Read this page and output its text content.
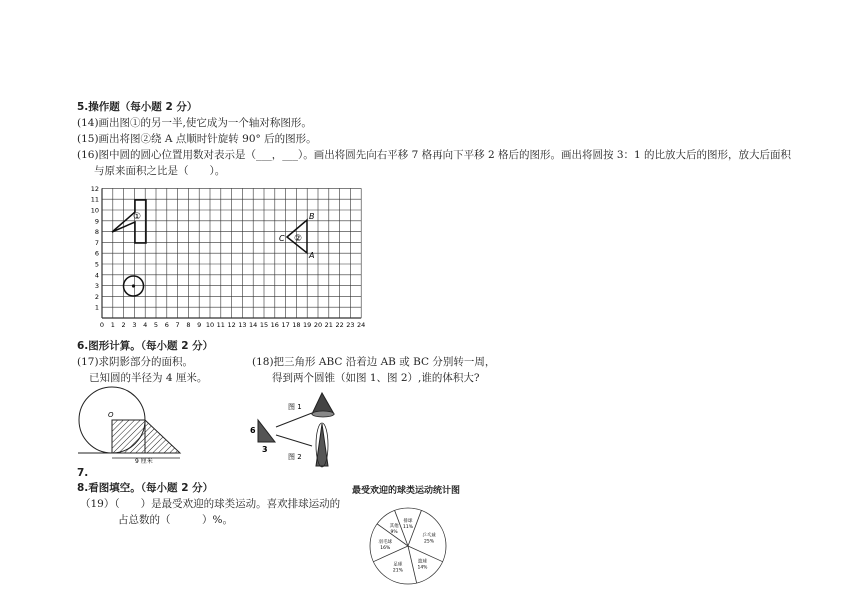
5.操作题（每小题 2 分）
(14)画出图①的另一半,使它成为一个轴对称图形。
(15)画出将图②绕 A 点顺时针旋转 90° 后的图形。
(16)图中圆的圆心位置用数对表示是（___，___）。画出将圆先向右平移 7 格再向下平移 2 格后的图形。画出将圆按 3：1 的比放大后的图形，放大后面积
与原来面积之比是（　　）。
0 1 2 3 4 5 6 7 8 9 10 11 12 13 14 15 16 17 18 19 20 21 22 23 24
1
2
3
4
5
6
7
8
9
10
11
12
①
②
B
C
A
6.图形计算。（每小题 2 分）
(17)求阴影部分的面积。
已知圆的半径为 4 厘米。
(18)把三角形 ABC 沿着边 AB 或 BC 分别转一周，
得到两个圆锥（如图 1、图 2）,谁的体积大?
O
9 厘米
6
3
图 1
图 2
7.
8.看图填空。（每小题 2 分）
（19）（　　）是最受欢迎的球类运动。喜欢排球运动的
占总数的（　　　）%。
最受欢迎的球类运动统计图
排球
11%
乒乓球
25%
篮球
14%
足球
21%
羽毛球
16%
其他
9%
